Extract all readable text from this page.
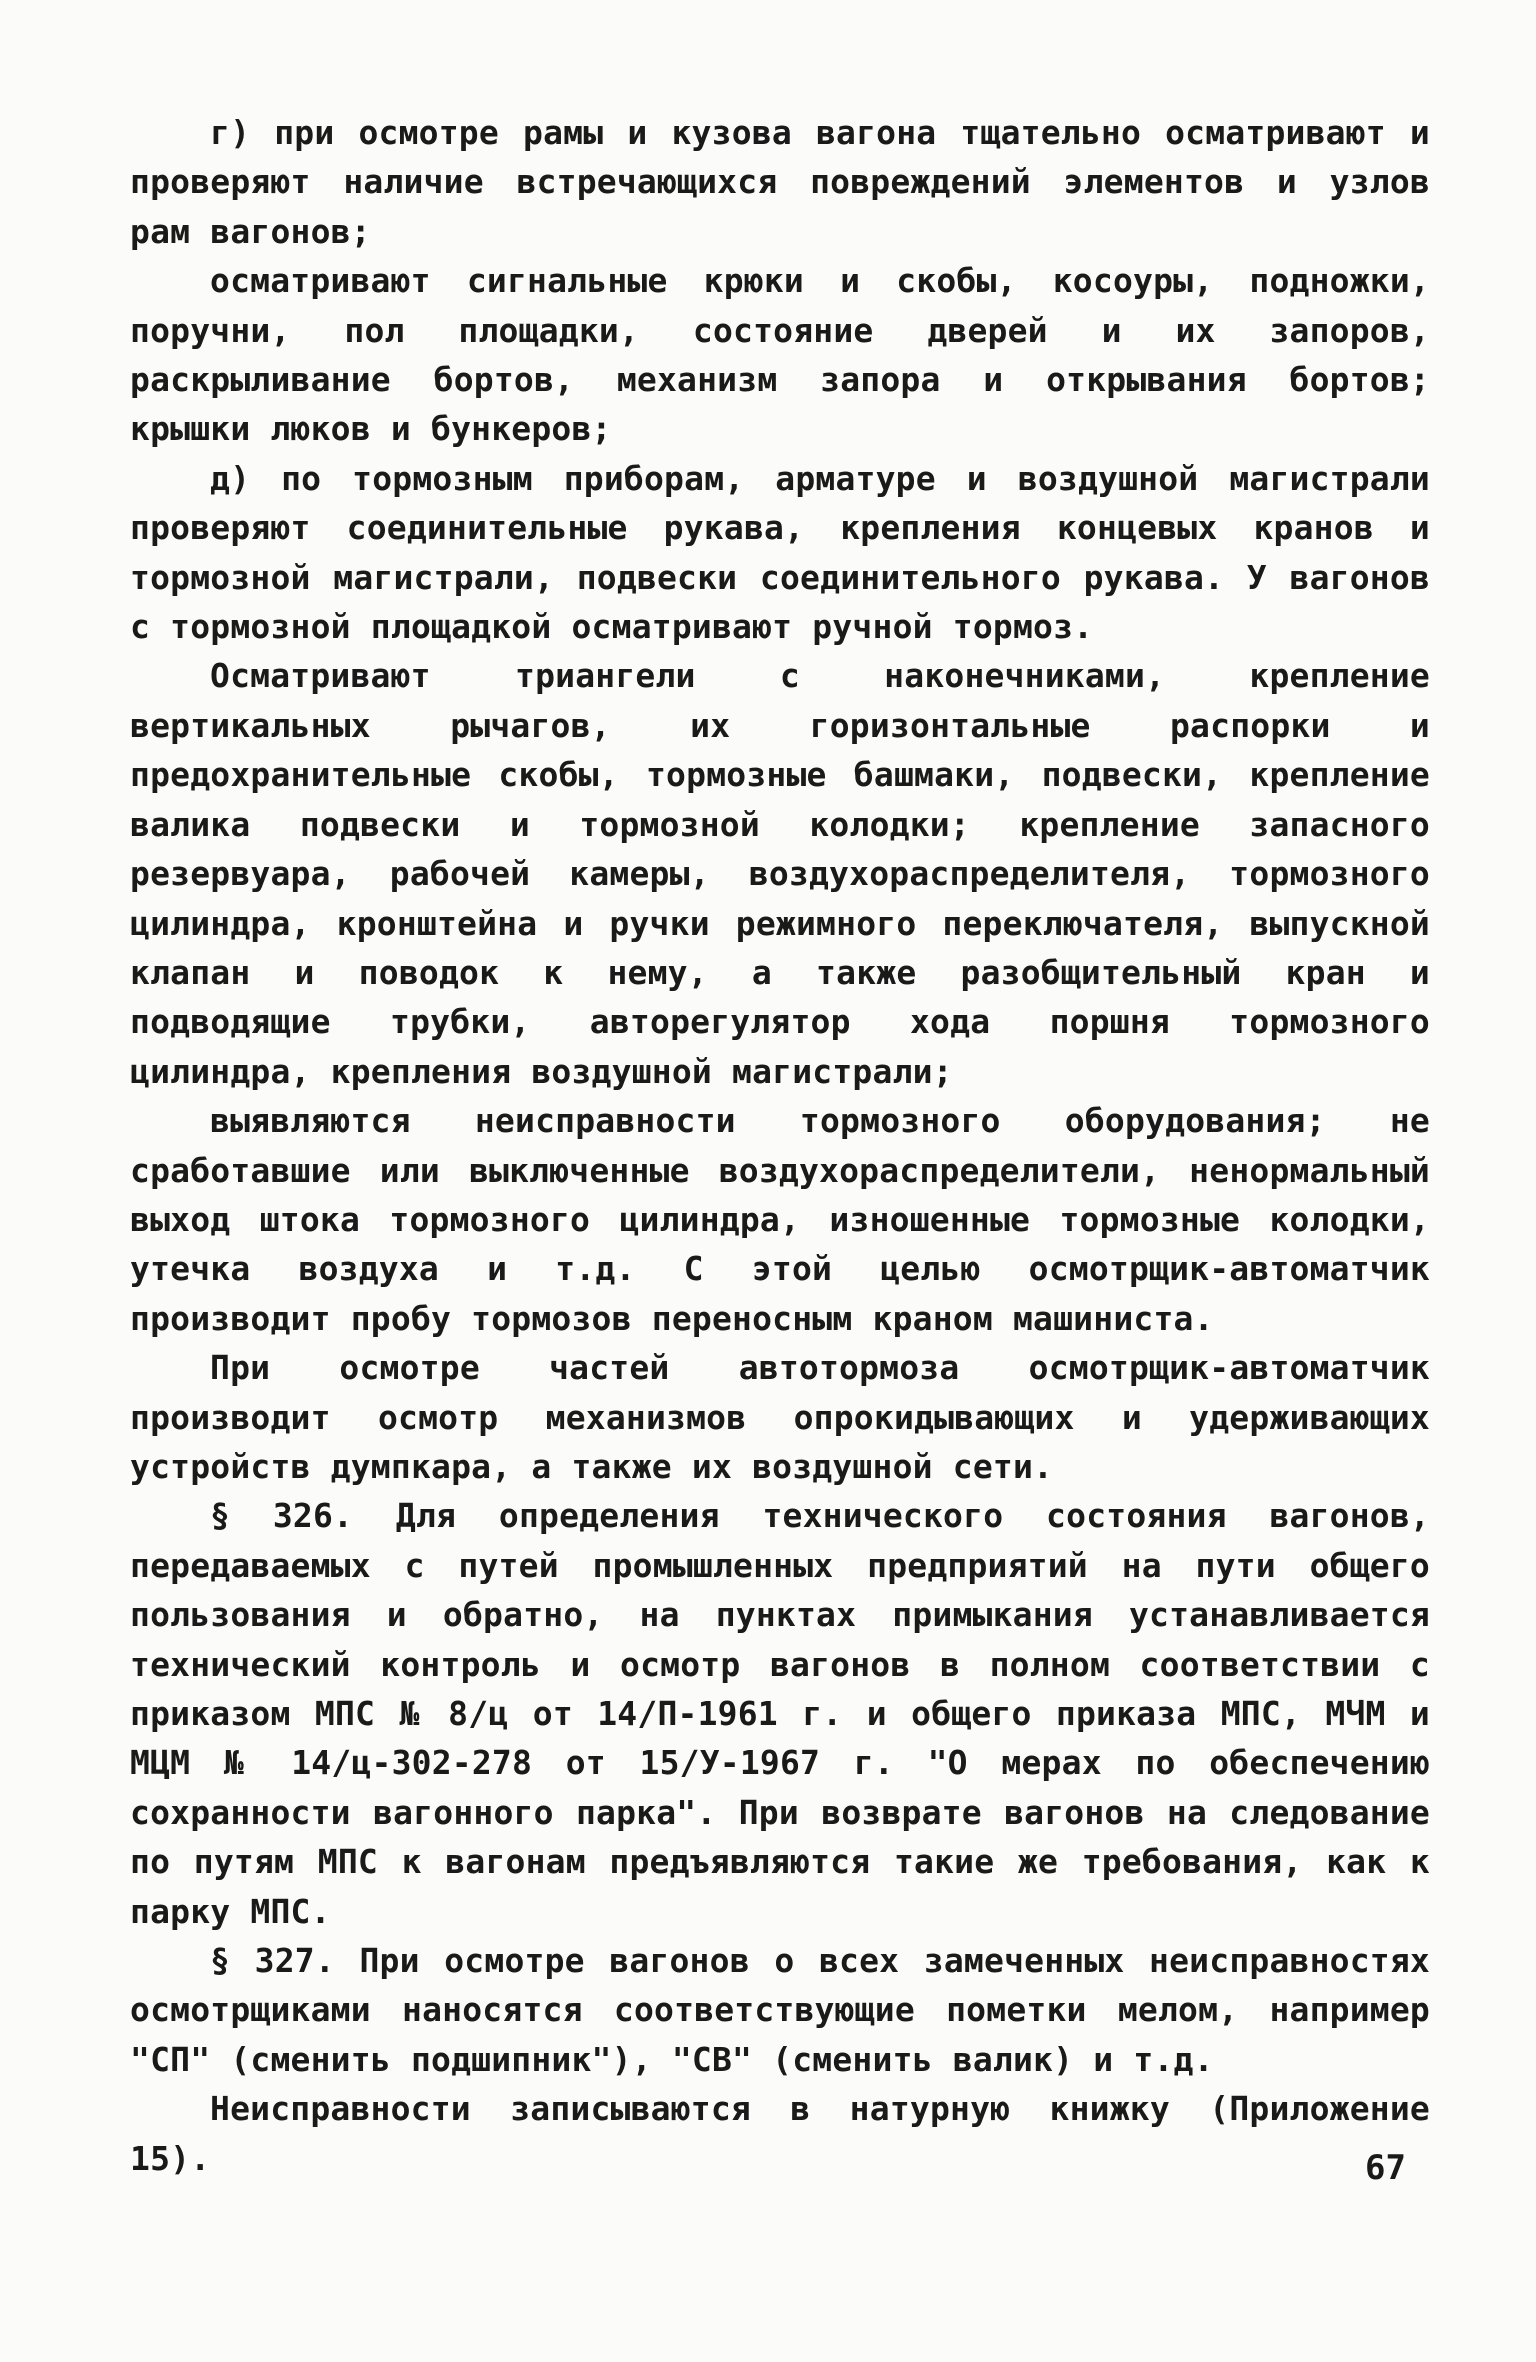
г) при осмотре рамы и кузова вагона тщательно осматривают и проверяют наличие встречающихся повреждений элементов и узлов рам вагонов;

осматривают сигнальные крюки и скобы, косоуры, подножки, поручни, пол площадки, состояние дверей и их запоров, раскрыливание бортов, механизм запора и открывания бортов; крышки люков и бункеров;

д) по тормозным приборам, арматуре и воздушной магистрали проверяют соединительные рукава, крепления концевых кранов и тормозной магистрали, подвески соединительного рукава. У вагонов с тормозной площадкой осматривают ручной тормоз.

Осматривают триангели с наконечниками, крепление вертикальных рычагов, их горизонтальные распорки и предохранительные скобы, тормозные башмаки, подвески, крепление валика подвески и тормозной колодки; крепление запасного резервуара, рабочей камеры, воздухораспределителя, тормозного цилиндра, кронштейна и ручки режимного переключателя, выпускной клапан и поводок к нему, а также разобщительный кран и подводящие трубки, авторегулятор хода поршня тормозного цилиндра, крепления воздушной магистрали;

выявляются неисправности тормозного оборудования; не сработавшие или выключенные воздухораспределители, ненормальный выход штока тормозного цилиндра, изношенные тормозные колодки, утечка воздуха и т.д. С этой целью осмотрщик-автоматчик производит пробу тормозов переносным краном машиниста.

При осмотре частей автотормоза осмотрщик-автоматчик производит осмотр механизмов опрокидывающих и удерживающих устройств думпкара, а также их воздушной сети.

§ 326. Для определения технического состояния вагонов, передаваемых с путей промышленных предприятий на пути общего пользования и обратно, на пунктах примыкания устанавливается технический контроль и осмотр вагонов в полном соответствии с приказом МПС № 8/ц от 14/П-1961 г. и общего приказа МПС, МЧМ и МЦМ № 14/ц-302-278 от 15/У-1967 г. "О мерах по обеспечению сохранности вагонного парка". При возврате вагонов на следование по путям МПС к вагонам предъявляются такие же требования, как к парку МПС.

§ 327. При осмотре вагонов о всех замеченных неисправностях осмотрщиками наносятся соответствующие пометки мелом, например "СП" (сменить подшипник"), "СВ" (сменить валик) и т.д.

Неисправности записываются в натурную книжку (Приложение 15).	67
